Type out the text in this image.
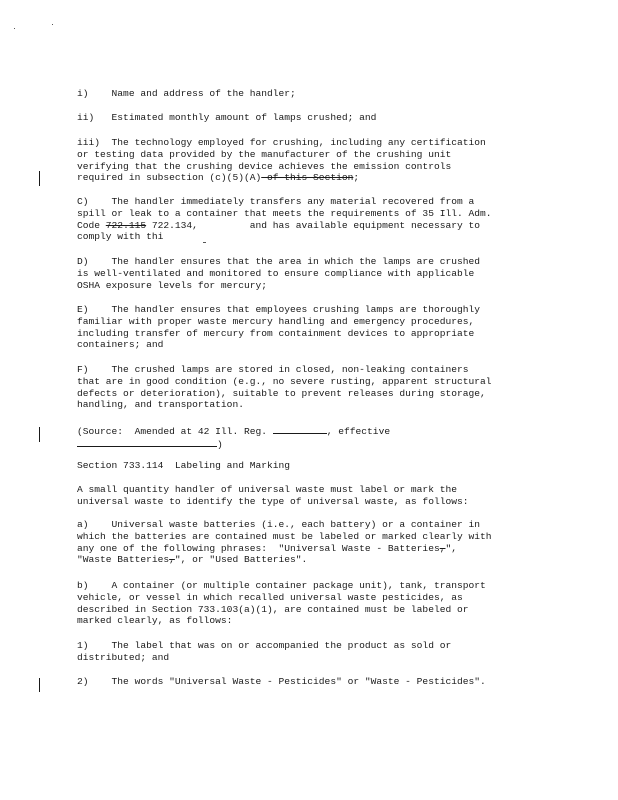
i)    Name and address of the handler;
ii)   Estimated monthly amount of lamps crushed; and
iii)  The technology employed for crushing, including any certification
or testing data provided by the manufacturer of the crushing unit
verifying that the crushing device achieves the emission controls
required in subsection (c)(5)(A) of this Section;
C)    The handler immediately transfers any material recovered from a
spill or leak to a container that meets the requirements of 35 Ill. Adm.
Code 722.115 722.134,         and has available equipment necessary to
comply with thi
D)    The handler ensures that the area in which the lamps are crushed
is well-ventilated and monitored to ensure compliance with applicable
OSHA exposure levels for mercury;
E)    The handler ensures that employees crushing lamps are thoroughly
familiar with proper waste mercury handling and emergency procedures,
including transfer of mercury from containment devices to appropriate
containers; and
F)    The crushed lamps are stored in closed, non-leaking containers
that are in good condition (e.g., no severe rusting, apparent structural
defects or deterioration), suitable to prevent releases during storage,
handling, and transportation.
(Source:  Amended at 42 Ill. Reg.	, effective
)
Section 733.114  Labeling and Marking
A small quantity handler of universal waste must label or mark the
universal waste to identify the type of universal waste, as follows:
a)    Universal waste batteries (i.e., each battery) or a container in
which the batteries are contained must be labeled or marked clearly with
any one of the following phrases:  "Universal Waste - Batteries,",
"Waste Batteries,", or "Used Batteries".
b)    A container (or multiple container package unit), tank, transport
vehicle, or vessel in which recalled universal waste pesticides, as
described in Section 733.103(a)(1), are contained must be labeled or
marked clearly, as follows:
1)    The label that was on or accompanied the product as sold or
distributed; and
2)    The words "Universal Waste - Pesticides" or "Waste - Pesticides".
